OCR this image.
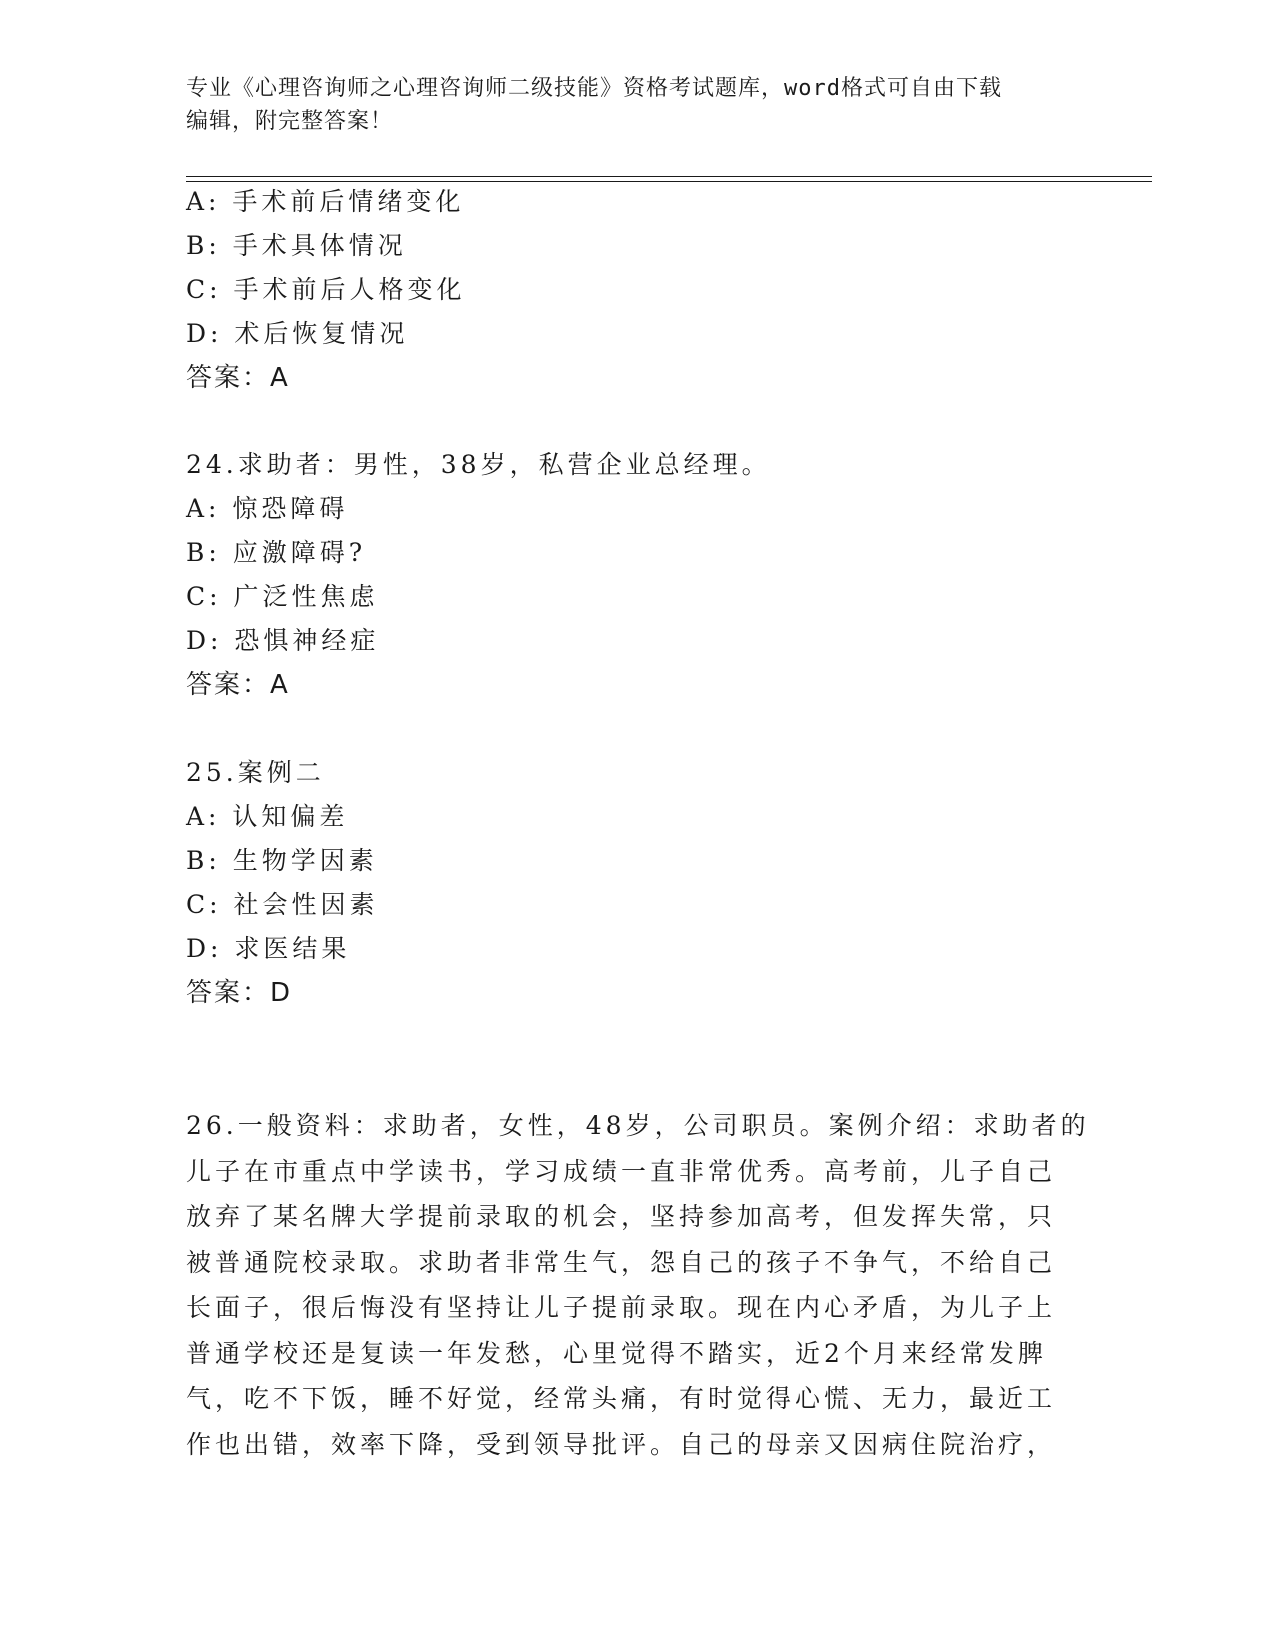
专业《心理咨询师之心理咨询师二级技能》资格考试题库，word格式可自由下载
编辑，附完整答案！
A: 手术前后情绪变化
B: 手术具体情况
C: 手术前后人格变化
D: 术后恢复情况
答案：A
24.求助者：男性，38岁，私营企业总经理。
A: 惊恐障碍
B: 应激障碍?
C: 广泛性焦虑
D: 恐惧神经症
答案：A
25.案例二
A: 认知偏差
B: 生物学因素
C: 社会性因素
D: 求医结果
答案：D
26.一般资料：求助者，女性，48岁，公司职员。案例介绍：求助者的
儿子在市重点中学读书，学习成绩一直非常优秀。高考前，儿子自己
放弃了某名牌大学提前录取的机会，坚持参加高考，但发挥失常，只
被普通院校录取。求助者非常生气，怨自己的孩子不争气，不给自己
长面子，很后悔没有坚持让儿子提前录取。现在内心矛盾，为儿子上
普通学校还是复读一年发愁，心里觉得不踏实，近2个月来经常发脾
气，吃不下饭，睡不好觉，经常头痛，有时觉得心慌、无力，最近工
作也出错，效率下降，受到领导批评。自己的母亲又因病住院治疗，
